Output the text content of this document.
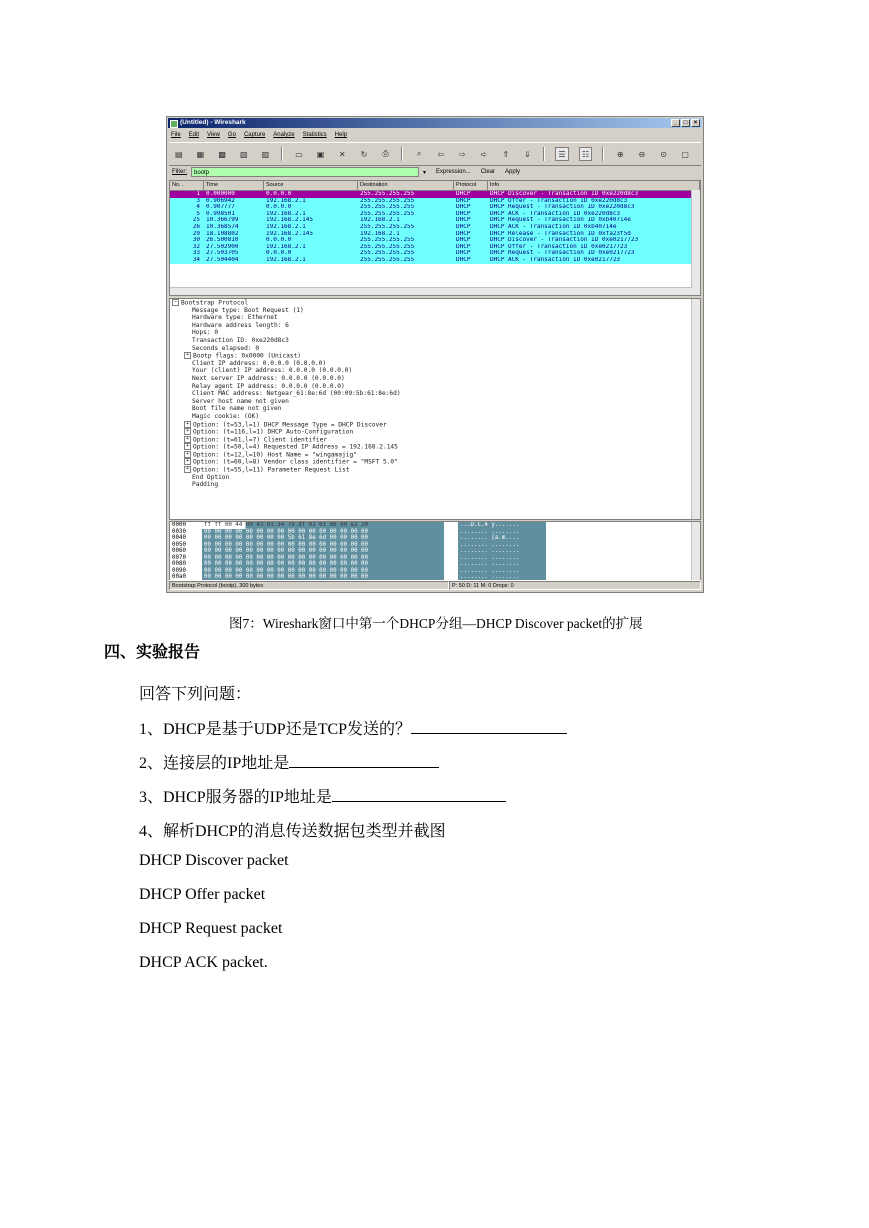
(Untitled) - Wireshark	_	□	×
File Edit View Go Capture Analyze Statistics Help
▤ ▦ ▩ ▧ ▨	▭ ▣	✕	↻	⎙	⌕	⇦	⇨	➪	⇑	⇓	☰	☷	⊕	⊖	⊙	▢
Filter:	bootp	▾ Expression... Clear Apply
No. .	Time	Source	Destination	Protocol	Info
1	0.000000	0.0.0.0	255.255.255.255	DHCP	DHCP Discover - Transaction ID 0xe220d8c3
3	0.906942	192.168.2.1	255.255.255.255	DHCP	DHCP Offer - Transaction ID 0xe220d8c3
4	0.907777	0.0.0.0	255.255.255.255	DHCP	DHCP Request - Transaction ID 0xe220d8c3
5	0.998501	192.168.2.1	255.255.255.255	DHCP	DHCP ACK - Transaction ID 0xe220d8c3
25	10.366799	192.168.2.145	192.168.2.1	DHCP	DHCP Request - Transaction ID 0xb40714e
26	10.368574	192.168.2.1	255.255.255.255	DHCP	DHCP ACK - Transaction ID 0xb40714e
29	18.108802	192.168.2.145	192.168.2.1	DHCP	DHCP Release - Transaction ID 0xfa23f5d
30	26.500810	0.0.0.0	255.255.255.255	DHCP	DHCP Discover - Transaction ID 0xe0217723
32	27.502900	192.168.2.1	255.255.255.255	DHCP	DHCP Offer - Transaction ID 0xe0217723
33	27.503705	0.0.0.0	255.255.255.255	DHCP	DHCP Request - Transaction ID 0xe0217723
34	27.504404	192.168.2.1	255.255.255.255	DHCP	DHCP ACK - Transaction ID 0xe0217723
− Bootstrap Protocol
Message type: Boot Request (1)
Hardware type: Ethernet
Hardware address length: 6
Hops: 0
Transaction ID: 0xe220d8c3
Seconds elapsed: 0
+ Bootp flags: 0x0000 (Unicast)
Client IP address: 0.0.0.0 (0.0.0.0)
Your (client) IP address: 0.0.0.0 (0.0.0.0)
Next server IP address: 0.0.0.0 (0.0.0.0)
Relay agent IP address: 0.0.0.0 (0.0.0.0)
Client MAC address: Netgear_61:8e:6d (00:09:5b:61:8e:6d)
Server host name not given
Boot file name not given
Magic cookie: (OK)
+ Option: (t=53,l=1) DHCP Message Type = DHCP Discover
+ Option: (t=116,l=1) DHCP Auto-Configuration
+ Option: (t=61,l=7) Client identifier
+ Option: (t=50,l=4) Requested IP Address = 192.168.2.145
+ Option: (t=12,l=10) Host Name = "wingamajig"
+ Option: (t=60,l=8) Vendor class identifier = "MSFT 5.0"
+ Option: (t=55,l=11) Parameter Request List
End Option
Padding
0000	ff ff 00 44 00 43 01 34 79 df 01 01 06 00 e2 20	...D.C.4 y.......
0030	00 00 00 00 00 00 00 00 00 00 00 00 00 00 00 00	........ ........
0040	00 00 00 00 00 00 00 00 5b 61 8e 6d 00 00 00 00	........ [a.m....
0050	00 00 00 00 00 00 00 00 00 00 00 00 00 00 00 00	........ ........
0060	00 00 00 00 00 00 00 00 00 00 00 00 00 00 00 00	........ ........
0070	00 00 00 00 00 00 00 00 00 00 00 00 00 00 00 00	........ ........
0080	00 00 00 00 00 00 00 00 00 00 00 00 00 00 00 00	........ ........
0090	00 00 00 00 00 00 00 00 00 00 00 00 00 00 00 00	........ ........
00a0	00 00 00 00 00 00 00 00 00 00 00 00 00 00 00 00	........ ........
Bootstrap Protocol (bootp), 300 bytes	P: 50 D: 11 M: 0 Drops: 0
图7：Wireshark窗口中第一个DHCP分组—DHCP Discover packet的扩展
四、实验报告
回答下列问题：
1、DHCP是基于UDP还是TCP发送的？
2、连接层的IP地址是
3、DHCP服务器的IP地址是
4、解析DHCP的消息传送数据包类型并截图
DHCP Discover packet
DHCP Offer packet
DHCP Request packet
DHCP ACK packet.
